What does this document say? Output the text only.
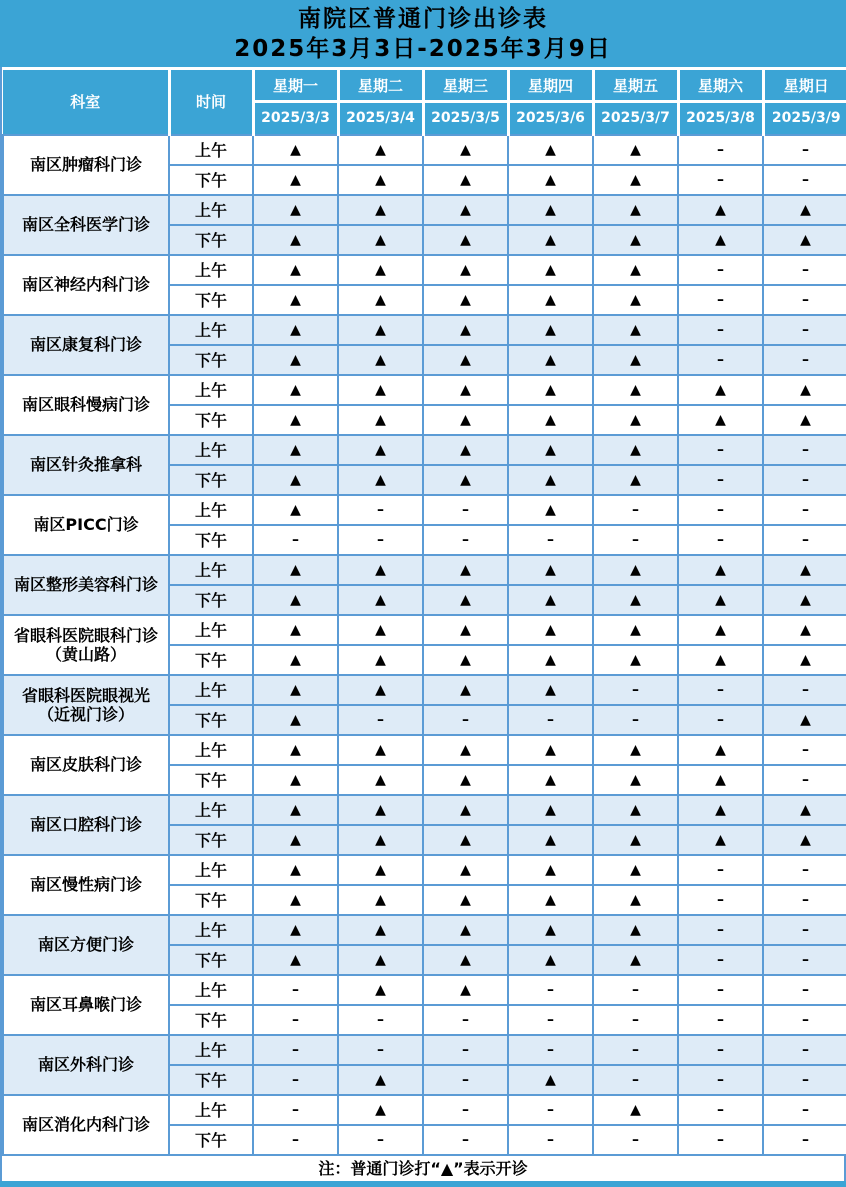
南院区普通门诊出诊表
2025年3月3日-2025年3月9日
科室	时间	星期一	星期二	星期三	星期四	星期五	星期六	星期日
		2025/3/3	2025/3/4	2025/3/5	2025/3/6	2025/3/7	2025/3/8	2025/3/9

南区肿瘤科门诊	上午	▲	▲	▲	▲	▲	–	–
	下午	▲	▲	▲	▲	▲	–	–

南区全科医学门诊	上午	▲	▲	▲	▲	▲	▲	▲
	下午	▲	▲	▲	▲	▲	▲	▲

南区神经内科门诊	上午	▲	▲	▲	▲	▲	–	–
	下午	▲	▲	▲	▲	▲	–	–

南区康复科门诊	上午	▲	▲	▲	▲	▲	–	–
	下午	▲	▲	▲	▲	▲	–	–

南区眼科慢病门诊	上午	▲	▲	▲	▲	▲	▲	▲
	下午	▲	▲	▲	▲	▲	▲	▲

南区针灸推拿科	上午	▲	▲	▲	▲	▲	–	–
	下午	▲	▲	▲	▲	▲	–	–

南区PICC门诊	上午	▲	–	–	▲	–	–	–
	下午	–	–	–	–	–	–	–

南区整形美容科门诊	上午	▲	▲	▲	▲	▲	▲	▲
	下午	▲	▲	▲	▲	▲	▲	▲

省眼科医院眼科门诊
（黄山路）	上午	▲	▲	▲	▲	▲	▲	▲
	下午	▲	▲	▲	▲	▲	▲	▲

省眼科医院眼视光
（近视门诊）	上午	▲	▲	▲	▲	–	–	–
	下午	▲	–	–	–	–	–	▲

南区皮肤科门诊	上午	▲	▲	▲	▲	▲	▲	–
	下午	▲	▲	▲	▲	▲	▲	–

南区口腔科门诊	上午	▲	▲	▲	▲	▲	▲	▲
	下午	▲	▲	▲	▲	▲	▲	▲

南区慢性病门诊	上午	▲	▲	▲	▲	▲	–	–
	下午	▲	▲	▲	▲	▲	–	–

南区方便门诊	上午	▲	▲	▲	▲	▲	–	–
	下午	▲	▲	▲	▲	▲	–	–

南区耳鼻喉门诊	上午	–	▲	▲	–	–	–	–
	下午	–	–	–	–	–	–	–

南区外科门诊	上午	–	–	–	–	–	–	–
	下午	–	▲	–	▲	–	–	–

南区消化内科门诊	上午	–	▲	–	–	▲	–	–
	下午	–	–	–	–	–	–	–
注：普通门诊打“▲”表示开诊
